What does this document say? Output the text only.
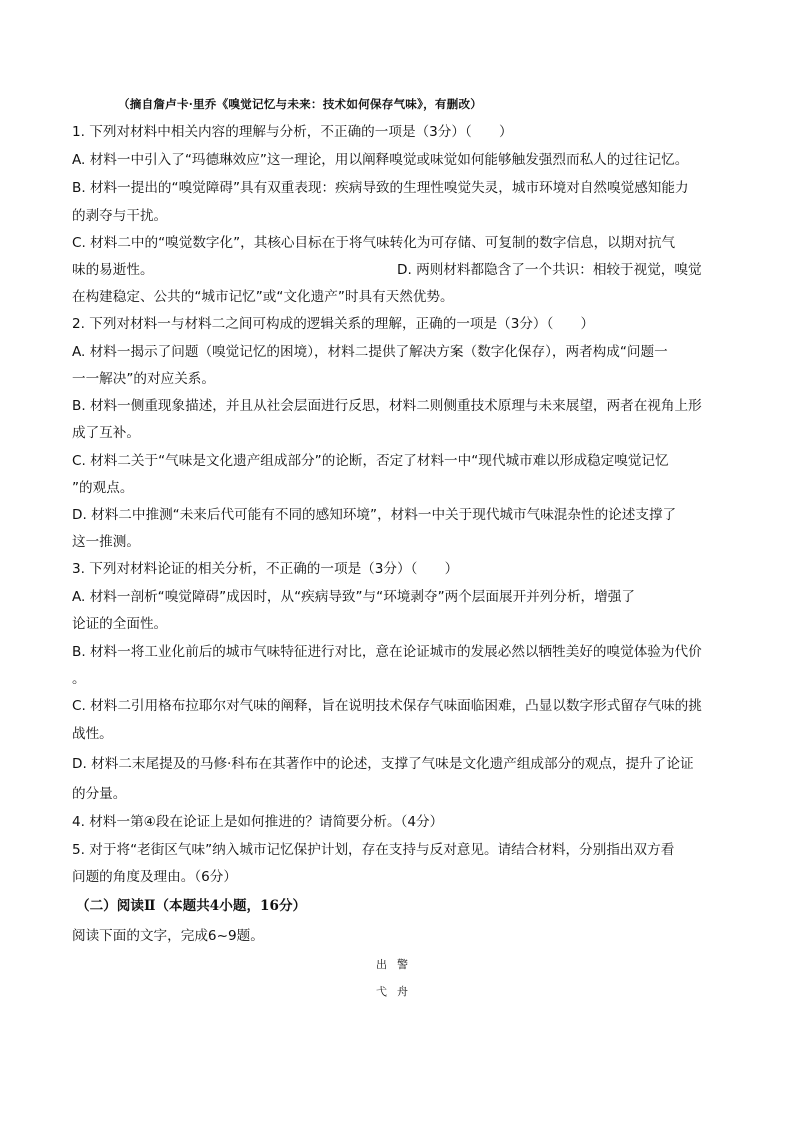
（摘自詹卢卡·里乔《嗅觉记忆与未来：技术如何保存气味》，有删改）
1. 下列对材料中相关内容的理解与分析，不正确的一项是（3分）（　　）
A. 材料一中引入了“玛德琳效应”这一理论，用以阐释嗅觉或味觉如何能够触发强烈而私人的过往记忆。
B. 材料一提出的“嗅觉障碍”具有双重表现：疾病导致的生理性嗅觉失灵，城市环境对自然嗅觉感知能力
的剥夺与干扰。
C. 材料二中的“嗅觉数字化”，其核心目标在于将气味转化为可存储、可复制的数字信息，以期对抗气
味的易逝性。	D. 两则材料都隐含了一个共识：相较于视觉，嗅觉
在构建稳定、公共的“城市记忆”或“文化遗产”时具有天然优势。
2. 下列对材料一与材料二之间可构成的逻辑关系的理解，正确的一项是（3分）（　　）
A. 材料一揭示了问题（嗅觉记忆的困境），材料二提供了解决方案（数字化保存），两者构成“问题一
一一解决”的对应关系。
B. 材料一侧重现象描述，并且从社会层面进行反思，材料二则侧重技术原理与未来展望，两者在视角上形
成了互补。
C. 材料二关于“气味是文化遗产组成部分”的论断，否定了材料一中“现代城市难以形成稳定嗅觉记忆
”的观点。
D. 材料二中推测“未来后代可能有不同的感知环境”，材料一中关于现代城市气味混杂性的论述支撑了
这一推测。
3. 下列对材料论证的相关分析，不正确的一项是（3分）（　　）
A. 材料一剖析“嗅觉障碍”成因时，从“疾病导致”与“环境剥夺”两个层面展开并列分析，增强了
论证的全面性。
B. 材料一将工业化前后的城市气味特征进行对比，意在论证城市的发展必然以牺牲美好的嗅觉体验为代价
。
C. 材料二引用格布拉耶尔对气味的阐释，旨在说明技术保存气味面临困难，凸显以数字形式留存气味的挑
战性。
D. 材料二末尾提及的马修·科布在其著作中的论述，支撑了气味是文化遗产组成部分的观点，提升了论证
的分量。
4. 材料一第④段在论证上是如何推进的？请简要分析。（4分）
5. 对于将“老街区气味”纳入城市记忆保护计划，存在支持与反对意见。请结合材料，分别指出双方看
问题的角度及理由。（6分）
（二）阅读Ⅱ（本题共4小题，16分）
阅读下面的文字，完成6~9题。
出警
弋舟
